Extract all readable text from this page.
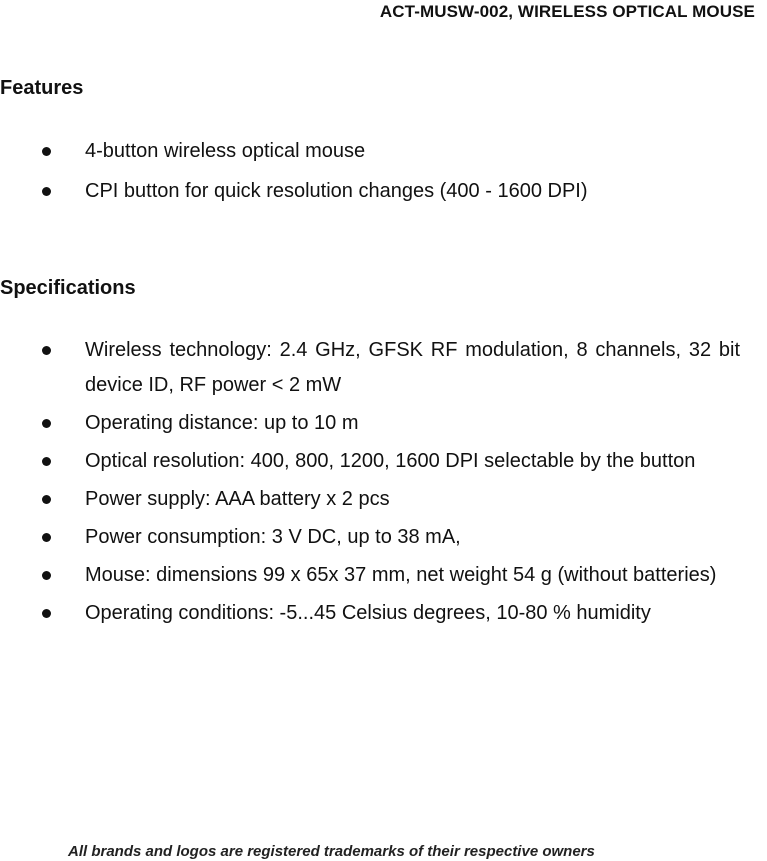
ACT-MUSW-002, WIRELESS OPTICAL MOUSE
Features
4-button wireless optical mouse
CPI button for quick resolution changes (400 - 1600 DPI)
Specifications
Wireless technology: 2.4 GHz, GFSK RF modulation, 8 channels, 32 bit device ID, RF power < 2 mW
Operating distance: up to 10 m
Optical resolution: 400, 800, 1200, 1600 DPI selectable by the button
Power supply: AAA battery x 2 pcs
Power consumption: 3 V DC, up to 38 mA,
Mouse: dimensions 99 x 65x 37 mm, net weight 54 g (without batteries)
Operating conditions: -5...45 Celsius degrees, 10-80 % humidity

All brands and logos are registered trademarks of their respective owners
